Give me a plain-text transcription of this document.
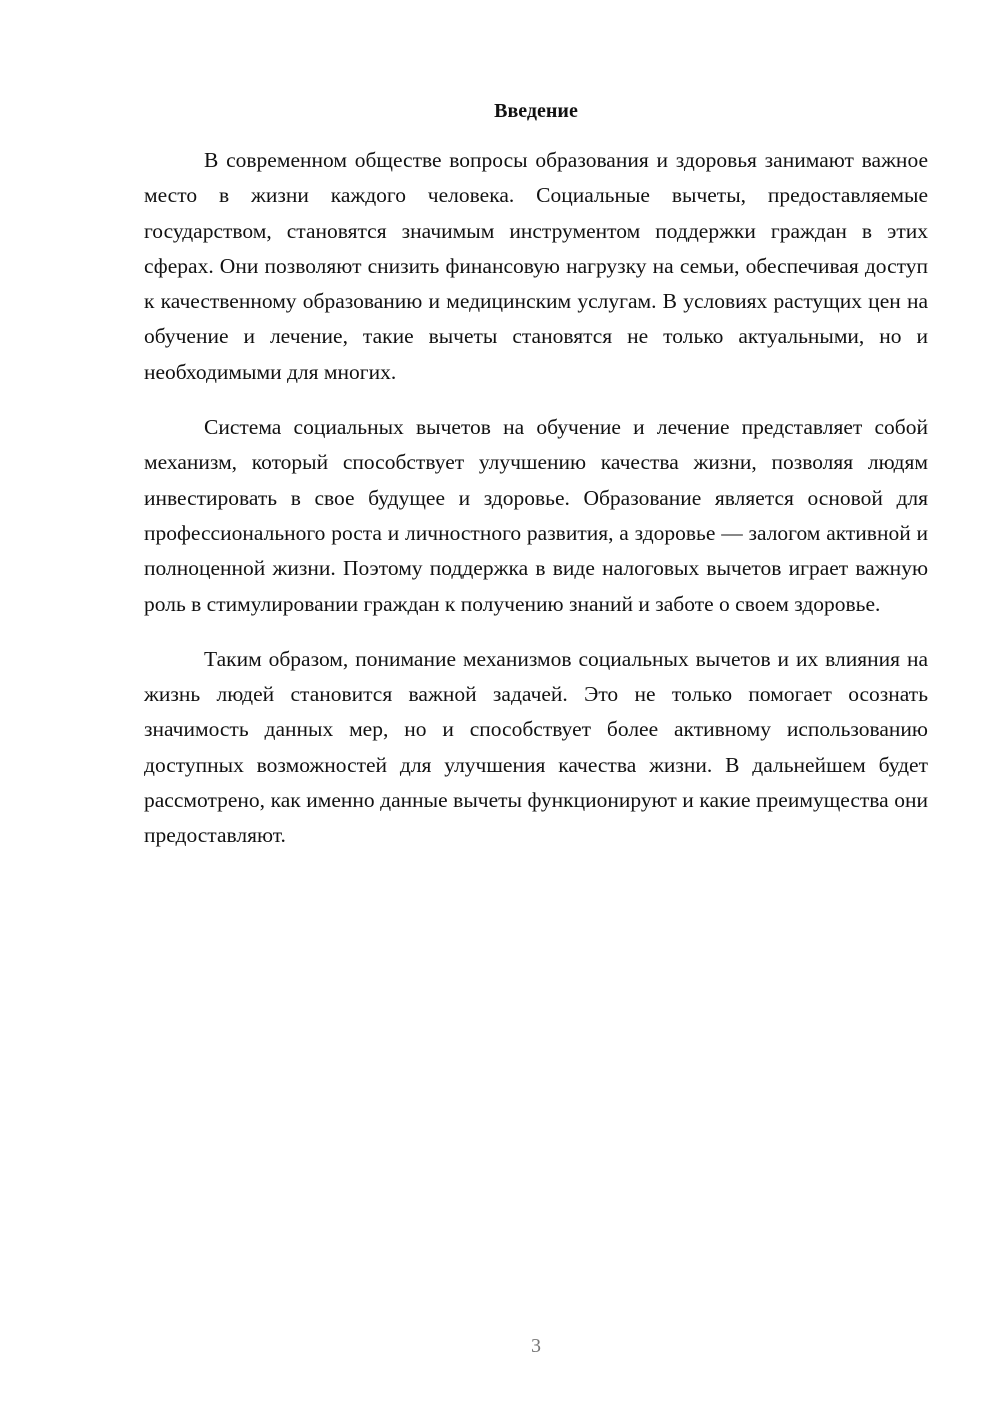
Введение

В современном обществе вопросы образования и здоровья занимают важное место в жизни каждого человека. Социальные вычеты, предоставляемые государством, становятся значимым инструментом поддержки граждан в этих сферах. Они позволяют снизить финансовую нагрузку на семьи, обеспечивая доступ к качественному образованию и медицинским услугам. В условиях растущих цен на обучение и лечение, такие вычеты становятся не только актуальными, но и необходимыми для многих.

Система социальных вычетов на обучение и лечение представляет собой механизм, который способствует улучшению качества жизни, позволяя людям инвестировать в свое будущее и здоровье. Образование является основой для профессионального роста и личностного развития, а здоровье — залогом активной и полноценной жизни. Поэтому поддержка в виде налоговых вычетов играет важную роль в стимулировании граждан к получению знаний и заботе о своем здоровье.

Таким образом, понимание механизмов социальных вычетов и их влияния на жизнь людей становится важной задачей. Это не только помогает осознать значимость данных мер, но и способствует более активному использованию доступных возможностей для улучшения качества жизни. В дальнейшем будет рассмотрено, как именно данные вычеты функционируют и какие преимущества они предоставляют.

3
